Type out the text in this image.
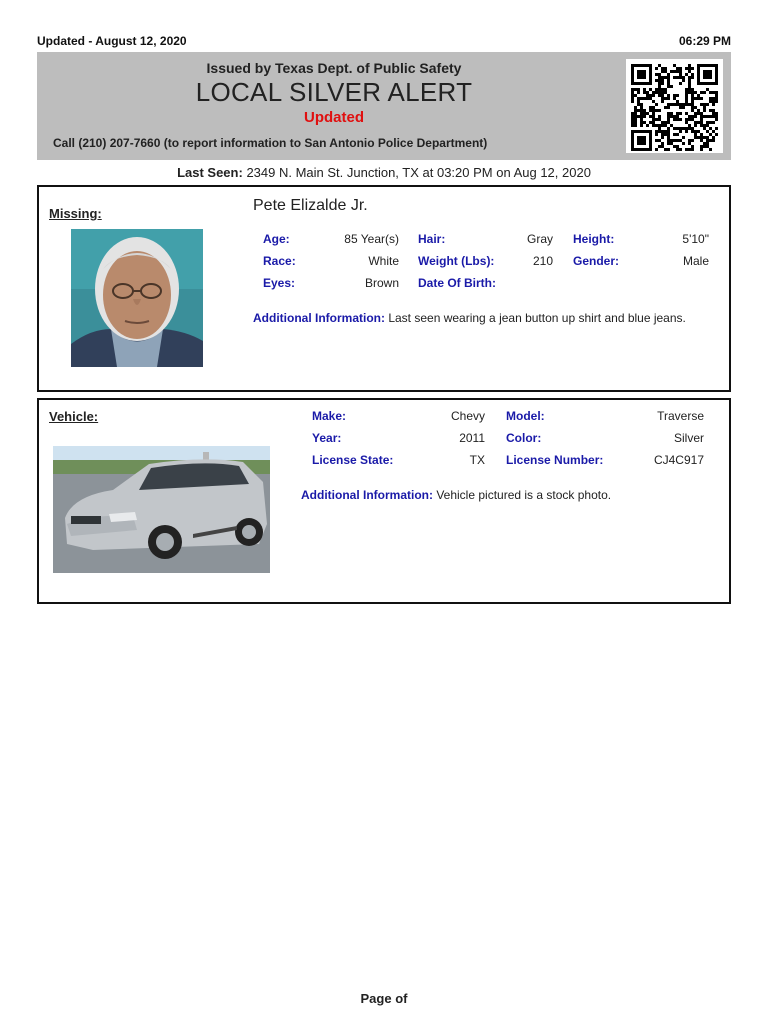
Updated - August 12, 2020	06:29 PM
Issued by Texas Dept. of Public Safety
LOCAL SILVER ALERT
Updated
Call (210) 207-7660 (to report information to San Antonio Police Department)
Last Seen: 2349 N. Main St. Junction, TX at 03:20 PM on Aug 12, 2020
Missing:	Pete Elizalde Jr.
Age:	85 Year(s) Hair:	Gray Height:	5'10"
Race:	White Weight (Lbs):	210 Gender:	Male
Eyes:	Brown Date Of Birth:
Additional Information: Last seen wearing a jean button up shirt and blue jeans.
Vehicle:	Make:	Chevy Model:	Traverse
Year:	2011 Color:	Silver
License State:	TX License Number:	CJ4C917
Additional Information: Vehicle pictured is a stock photo.
Page of
